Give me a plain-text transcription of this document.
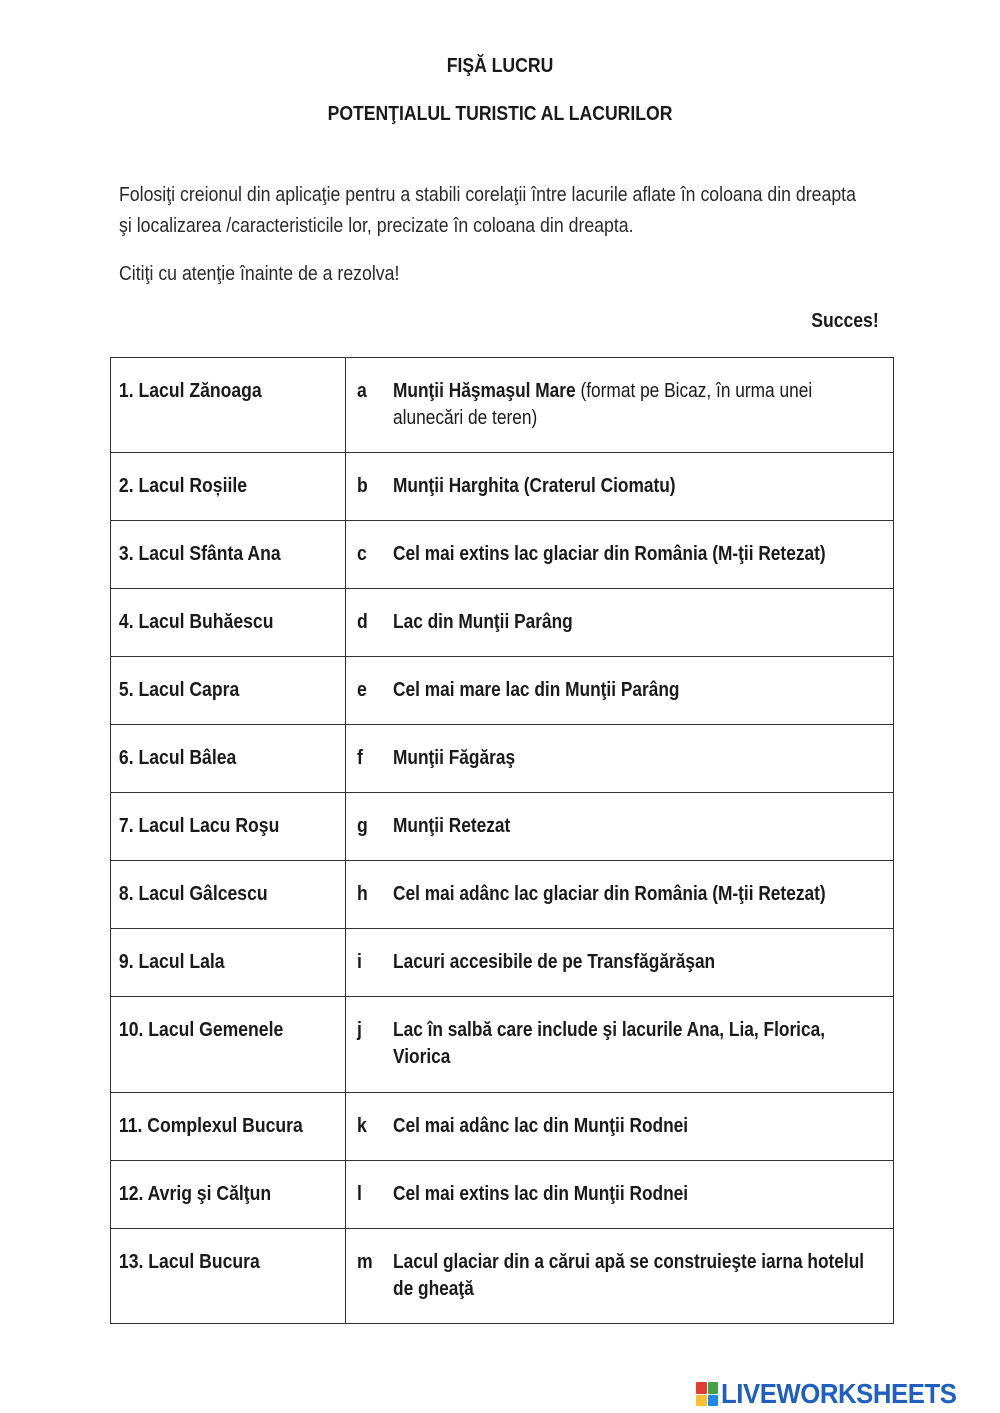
FIŞĂ LUCRU
POTENŢIALUL TURISTIC AL LACURILOR
Folosiţi creionul din aplicaţie pentru a stabili corelaţii între lacurile aflate în coloana din dreapta şi localizarea /caracteristicile lor, precizate în coloana din dreapta.
Citiţi cu atenţie înainte de a rezolva!
Succes!
1. Lacul Zănoaga	a Munţii Hăşmaşul Mare (format pe Bicaz, în urma unei alunecări de teren)

2. Lacul Roșiile	b Munţii Harghita (Craterul Ciomatu)

3. Lacul Sfânta Ana	c Cel mai extins lac glaciar din România (M-ţii Retezat)

4. Lacul Buhăescu	d Lac din Munţii Parâng

5. Lacul Capra	e Cel mai mare lac din Munţii Parâng

6. Lacul Bâlea	f Munţii Făgăraş

7. Lacul Lacu Roşu	g Munţii Retezat

8. Lacul Gâlcescu	h Cel mai adânc lac glaciar din România (M-ţii Retezat)

9. Lacul Lala	i Lacuri accesibile de pe Transfăgărăşan

10. Lacul Gemenele	j Lac în salbă care include şi lacurile Ana, Lia, Florica, Viorica

11. Complexul Bucura	k Cel mai adânc lac din Munţii Rodnei

12. Avrig şi Călţun	l Cel mai extins lac din Munţii Rodnei

13. Lacul Bucura	m Lacul glaciar din a cărui apă se construieşte iarna hotelul de gheaţă
LIVEWORKSHEETS
